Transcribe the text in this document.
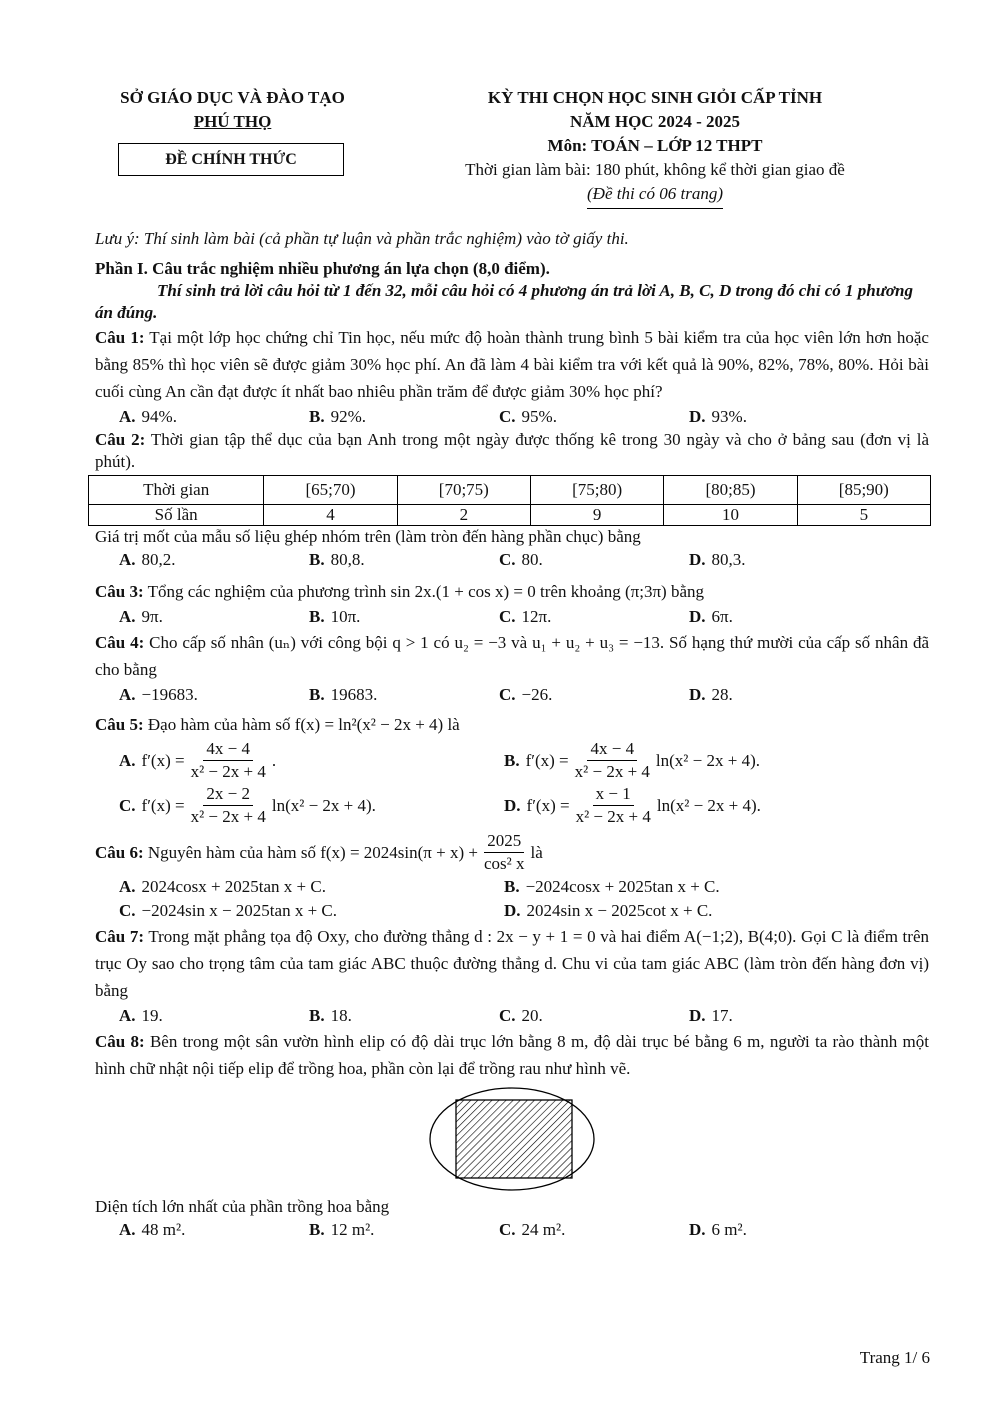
SỞ GIÁO DỤC VÀ ĐÀO TẠO
PHÚ THỌ
ĐỀ CHÍNH THỨC
KỲ THI CHỌN HỌC SINH GIỎI CẤP TỈNH
NĂM HỌC 2024 - 2025
Môn: TOÁN – LỚP 12 THPT
Thời gian làm bài: 180 phút, không kể thời gian giao đề
(Đề thi có 06 trang)

Lưu ý: Thí sinh làm bài (cả phần tự luận và phần trắc nghiệm) vào tờ giấy thi.

Phần I. Câu trắc nghiệm nhiều phương án lựa chọn (8,0 điểm).

Thí sinh trả lời câu hỏi từ 1 đến 32, mỗi câu hỏi có 4 phương án trả lời A, B, C, D trong đó chỉ có 1 phương án đúng.

Câu 1: Tại một lớp học chứng chỉ Tin học, nếu mức độ hoàn thành trung bình 5 bài kiểm tra của học viên lớn hơn hoặc bằng 85% thì học viên sẽ được giảm 30% học phí. An đã làm 4 bài kiểm tra với kết quả là 90%, 82%, 78%, 80%. Hỏi bài cuối cùng An cần đạt được ít nhất bao nhiêu phần trăm để được giảm 30% học phí?

A. 94%.	B. 92%.	C. 95%.	D. 93%.

Câu 2: Thời gian tập thể dục của bạn Anh trong một ngày được thống kê trong 30 ngày và cho ở bảng sau (đơn vị là phút).

Thời gian	[65;70)	[70;75)	[75;80)	[80;85)	[85;90)
Số lần	4	2	9	10	5

Giá trị mốt của mẫu số liệu ghép nhóm trên (làm tròn đến hàng phần chục) bằng

A. 80,2.	B. 80,8.	C. 80.	D. 80,3.

Câu 3: Tổng các nghiệm của phương trình sin 2x.(1 + cos x) = 0 trên khoảng (π;3π) bằng

A. 9π.	B. 10π.	C. 12π.	D. 6π.

Câu 4: Cho cấp số nhân (uₙ) với công bội q > 1 có u₂ = −3 và u₁ + u₂ + u₃ = −13. Số hạng thứ mười của cấp số nhân đã cho bằng

A. −19683.	B. 19683.	C. −26.	D. 28.

Câu 5: Đạo hàm của hàm số f(x) = ln²(x² − 2x + 4) là

A. $f'(x) = \frac{4x - 4}{\text{x² − 2x + 4}}$ .	B. $f'(x) = \frac{4x - 4}{\text{x² − 2x + 4}} \ln(x^2 - 2x + 4)$.
C. $f'(x) = \frac{2x - 2}{\text{x² − 2x + 4}} \ln(x^2 - 2x + 4)$.	D. $f'(x) = \frac{x - 1}{\text{x² − 2x + 4}} \ln(x^2 - 2x + 4)$.

Câu 6:
Nguyên hàm của hàm số $f(x) = 2024\sin(\pi + x) + \frac{2025}{\text{cos² x}}$ là

A. 2024cosx + 2025tan x + C.	B. −2024cosx + 2025tan x + C.
C. −2024sin x − 2025tan x + C.	D. 2024sin x − 2025cot x + C.

Câu 7: Trong mặt phẳng tọa độ Oxy, cho đường thẳng d : 2x − y + 1 = 0 và hai điểm A(−1;2), B(4;0). Gọi C là điểm trên trục Oy sao cho trọng tâm của tam giác ABC thuộc đường thẳng d. Chu vi của tam giác ABC (làm tròn đến hàng đơn vị) bằng

A. 19.	B. 18.	C. 20.	D. 17.

Câu 8: Bên trong một sân vườn hình elip có độ dài trục lớn bằng 8 m, độ dài trục bé bằng 6 m, người ta rào thành một hình chữ nhật nội tiếp elip để trồng hoa, phần còn lại để trồng rau như hình vẽ.

Diện tích lớn nhất của phần trồng hoa bằng

A. 48 m².	B. 12 m².	C. 24 m².	D. 6 m².
Trang 1/ 6
